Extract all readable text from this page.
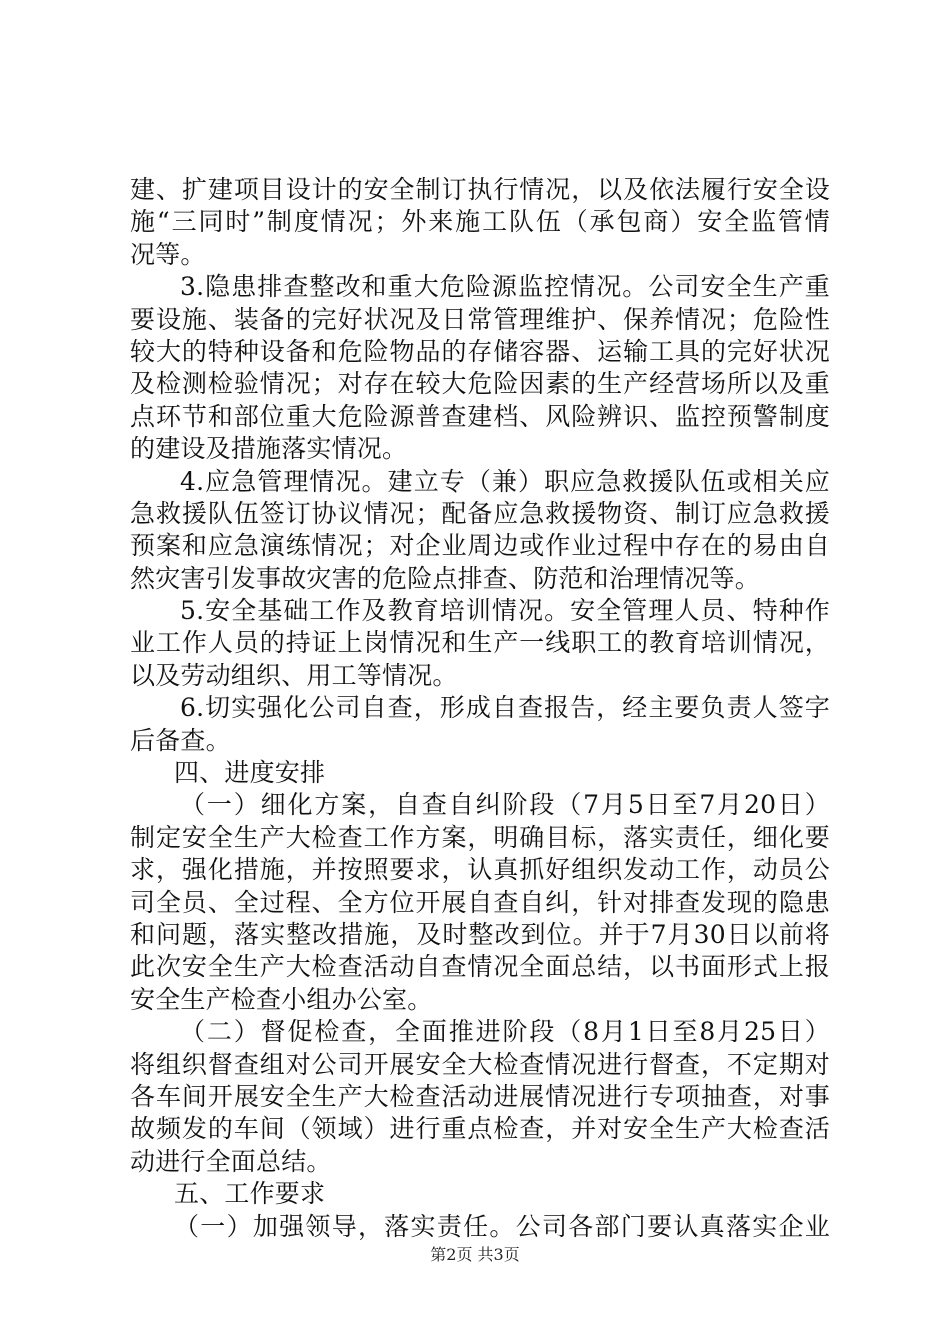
建、扩建项目设计的安全制订执行情况，以及依法履行安全设
施“三同时”制度情况；外来施工队伍（承包商）安全监管情
况等。
3.隐患排查整改和重大危险源监控情况。公司安全生产重
要设施、装备的完好状况及日常管理维护、保养情况；危险性
较大的特种设备和危险物品的存储容器、运输工具的完好状况
及检测检验情况；对存在较大危险因素的生产经营场所以及重
点环节和部位重大危险源普查建档、风险辨识、监控预警制度
的建设及措施落实情况。
4.应急管理情况。建立专（兼）职应急救援队伍或相关应
急救援队伍签订协议情况；配备应急救援物资、制订应急救援
预案和应急演练情况；对企业周边或作业过程中存在的易由自
然灾害引发事故灾害的危险点排查、防范和治理情况等。
5.安全基础工作及教育培训情况。安全管理人员、特种作
业工作人员的持证上岗情况和生产一线职工的教育培训情况，
以及劳动组织、用工等情况。
6.切实强化公司自查，形成自查报告，经主要负责人签字
后备查。
四、进度安排
（一）细化方案，自查自纠阶段（7月5日至7月20日）
制定安全生产大检查工作方案，明确目标，落实责任，细化要
求，强化措施，并按照要求，认真抓好组织发动工作，动员公
司全员、全过程、全方位开展自查自纠，针对排查发现的隐患
和问题，落实整改措施，及时整改到位。并于7月30日以前将
此次安全生产大检查活动自查情况全面总结，以书面形式上报
安全生产检查小组办公室。
（二）督促检查，全面推进阶段（8月1日至8月25日）
将组织督查组对公司开展安全大检查情况进行督查，不定期对
各车间开展安全生产大检查活动进展情况进行专项抽查，对事
故频发的车间（领域）进行重点检查，并对安全生产大检查活
动进行全面总结。
五、工作要求
（一）加强领导，落实责任。公司各部门要认真落实企业
第2页 共3页
